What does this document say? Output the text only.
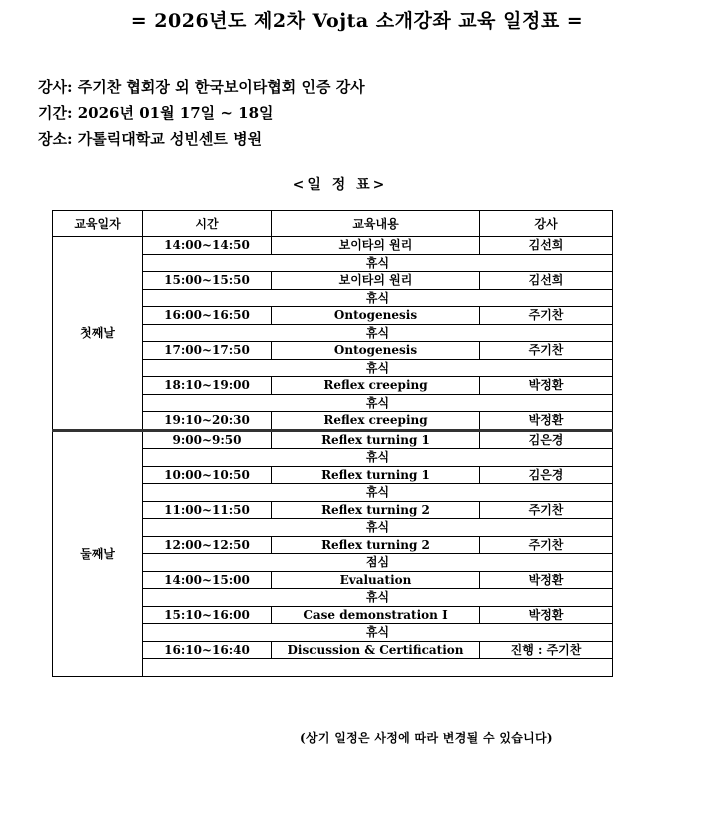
= 2026년도 제2차 Vojta 소개강좌 교육 일정표 =
강사: 주기찬 협회장 외 한국보이타협회 인증 강사
기간: 2026년 01월 17일 ~ 18일
장소: 가톨릭대학교 성빈센트 병원
<일 정 표>
교육일자	시간	교육내용	강사
첫째날	14:00~14:50	보이타의 원리	김선희
	휴식		
	15:00~15:50	보이타의 원리	김선희
	휴식		
	16:00~16:50	Ontogenesis	주기찬
	휴식		
	17:00~17:50	Ontogenesis	주기찬
	휴식		
	18:10~19:00	Reflex creeping	박정환
	휴식		
	19:10~20:30	Reflex creeping	박정환
둘째날	9:00~9:50	Reflex turning 1	김은경
	휴식		
	10:00~10:50	Reflex turning 1	김은경
	휴식		
	11:00~11:50	Reflex turning 2	주기찬
	휴식		
	12:00~12:50	Reflex turning 2	주기찬
	점심		
	14:00~15:00	Evaluation	박정환
	휴식		
	15:10~16:00	Case demonstration I	박정환
	휴식		
	16:10~16:40	Discussion & Certification	진행 : 주기찬

(상기 일정은 사정에 따라 변경될 수 있습니다)
